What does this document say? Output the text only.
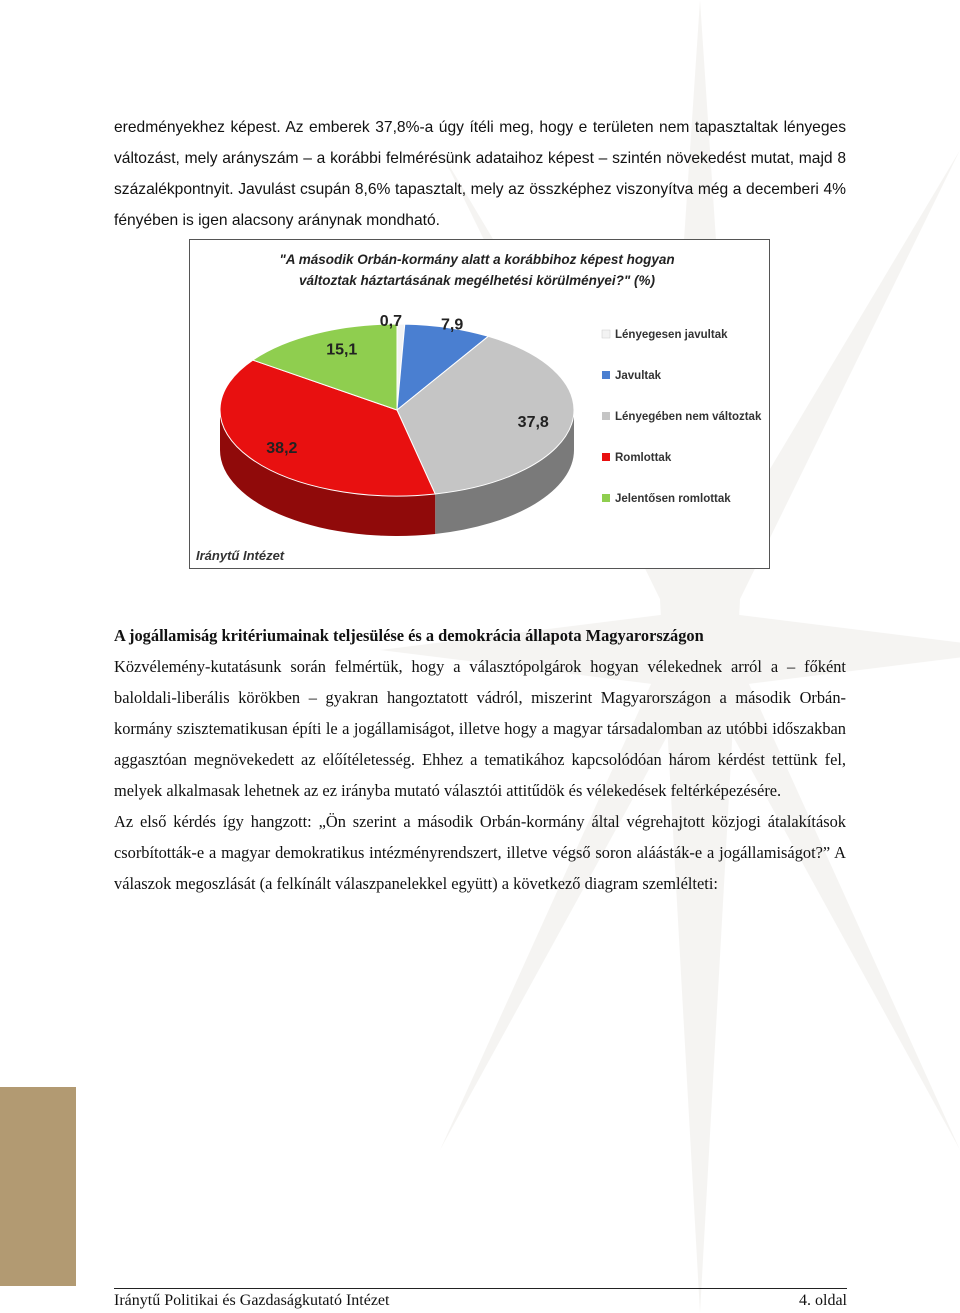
eredményekhez képest. Az emberek 37,8%-a úgy ítéli meg, hogy e területen nem tapasztaltak lényeges változást, mely arányszám – a korábbi felmérésünk adataihoz képest – szintén növekedést mutat, majd 8 százalékpontnyit. Javulást csupán 8,6% tapasztalt, mely az összképhez viszonyítva még a decemberi 4% fényében is igen alacsony aránynak mondható.
"A második Orbán-kormány alatt a korábbihoz képest hogyan
változtak háztartásának megélhetési körülményei?" (%)
0,7 7,9
37,8
38,2
15,1
Lényegesen javultak
Javultak
Lényegében nem változtak
Romlottak
Jelentősen romlottak
Iránytű Intézet

A jogállamiság kritériumainak teljesülése és a demokrácia állapota Magyarországon

Közvélemény-kutatásunk során felmértük, hogy a választópolgárok hogyan vélekednek arról a – főként baloldali-liberális körökben – gyakran hangoztatott vádról, miszerint Magyarországon a második Orbán-kormány szisztematikusan építi le a jogállamiságot, illetve hogy a magyar társadalomban az utóbbi időszakban aggasztóan megnövekedett az előítéletesség. Ehhez a tematikához kapcsolódóan három kérdést tettünk fel, melyek alkalmasak lehetnek az ez irányba mutató választói attitűdök és vélekedések feltérképezésére.

Az első kérdés így hangzott: „Ön szerint a második Orbán-kormány által végrehajtott közjogi átalakítások csorbították-e a magyar demokratikus intézményrendszert, illetve végső soron aláásták-e a jogállamiságot?” A válaszok megoszlását (a felkínált válaszpanelekkel együtt) a következő diagram szemlélteti:

Iránytű Politikai és Gazdaságkutató Intézet	4. oldal
